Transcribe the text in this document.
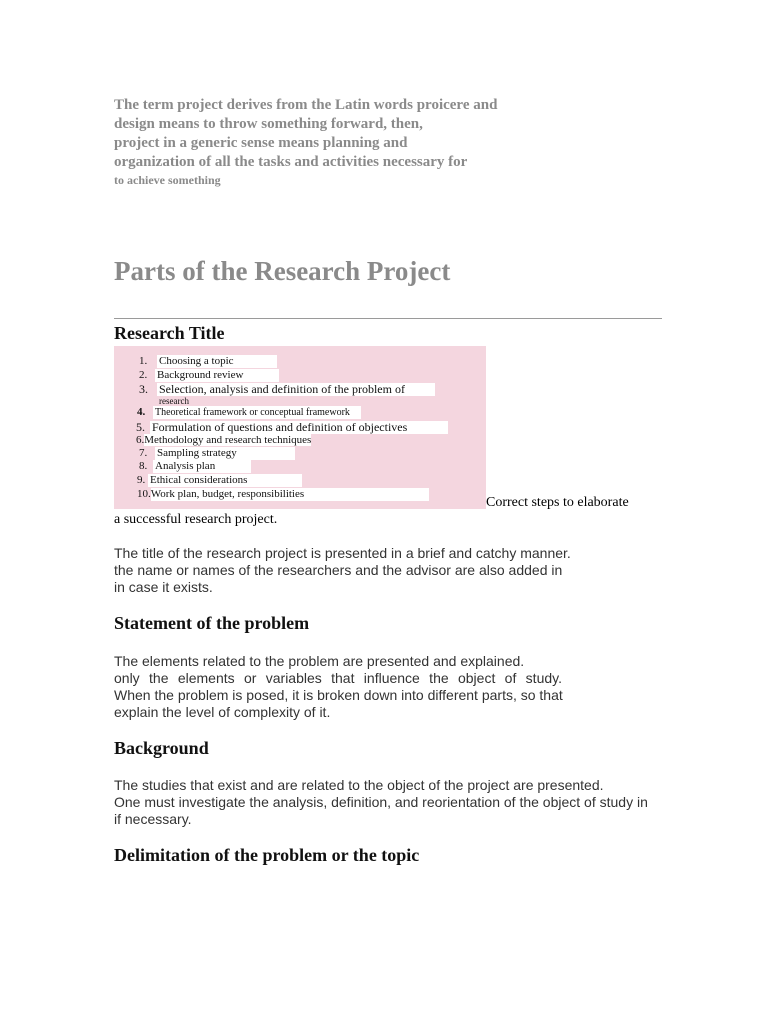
The term project derives from the Latin words proicere and
design means to throw something forward, then,
project in a generic sense means planning and
organization of all the tasks and activities necessary for
to achieve something
Parts of the Research Project
Research Title
1. Choosing a topic
2. Background review
3. Selection, analysis and definition of the problem of
research
4. Theoretical framework or conceptual framework
5. Formulation of questions and definition of objectives
6.Methodology and research techniques
7. Sampling strategy
8. Analysis plan
9. Ethical considerations
10.Work plan, budget, responsibilities
Correct steps to elaborate
a successful research project.
The title of the research project is presented in a brief and catchy manner.
the name or names of the researchers and the advisor are also added in
in case it exists.
Statement of the problem
The elements related to the problem are presented and explained.
only the elements or variables that influence the object of study.
When the problem is posed, it is broken down into different parts, so that
explain the level of complexity of it.
Background
The studies that exist and are related to the object of the project are presented.
One must investigate the analysis, definition, and reorientation of the object of study in
if necessary.
Delimitation of the problem or the topic
